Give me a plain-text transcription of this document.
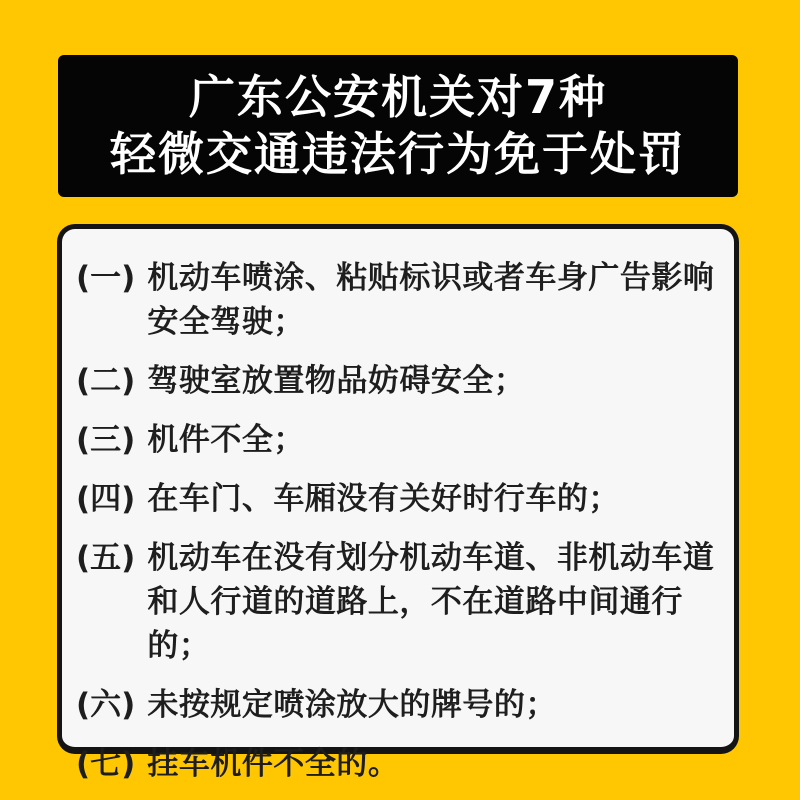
广东公安机关对7种
轻微交通违法行为免于处罚
(一) 机动车喷涂、粘贴标识或者车身广告影响安全驾驶；
(二) 驾驶室放置物品妨碍安全；
(三) 机件不全；
(四) 在车门、车厢没有关好时行车的；
(五) 机动车在没有划分机动车道、非机动车道和人行道的道路上，不在道路中间通行的；
(六) 未按规定喷涂放大的牌号的；
(七) 挂车机件不全的。
